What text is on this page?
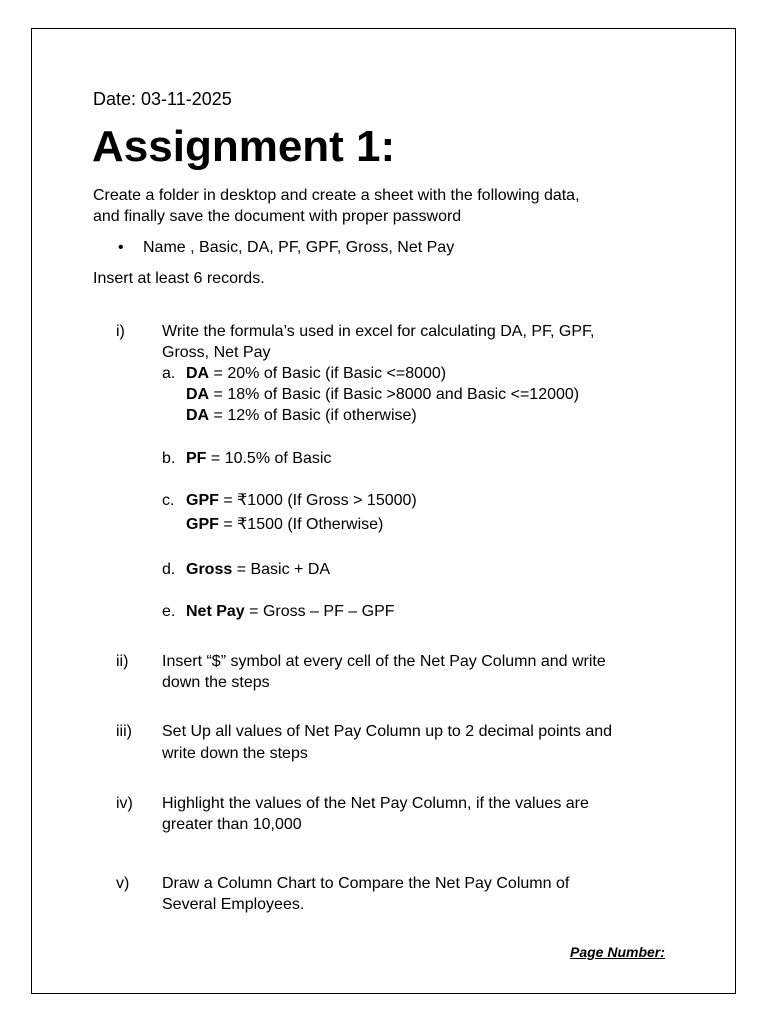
Date: 03-11-2025
Assignment 1:
Create a folder in desktop and create a sheet with the following data,
and finally save the document with proper password
• Name , Basic, DA, PF, GPF, Gross, Net Pay
Insert at least 6 records.
i) Write the formula’s used in excel for calculating DA, PF, GPF,
Gross, Net Pay
a. DA = 20% of Basic (if Basic <=8000)
DA = 18% of Basic (if Basic >8000 and Basic <=12000)
DA = 12% of Basic (if otherwise)
b. PF = 10.5% of Basic
c. GPF = ₹1000 (If Gross > 15000)
GPF = ₹1500 (If Otherwise)
d. Gross = Basic + DA
e. Net Pay = Gross – PF – GPF
ii) Insert “$” symbol at every cell of the Net Pay Column and write
down the steps
iii) Set Up all values of Net Pay Column up to 2 decimal points and
write down the steps
iv) Highlight the values of the Net Pay Column, if the values are
greater than 10,000
v) Draw a Column Chart to Compare the Net Pay Column of
Several Employees.
Page Number:
